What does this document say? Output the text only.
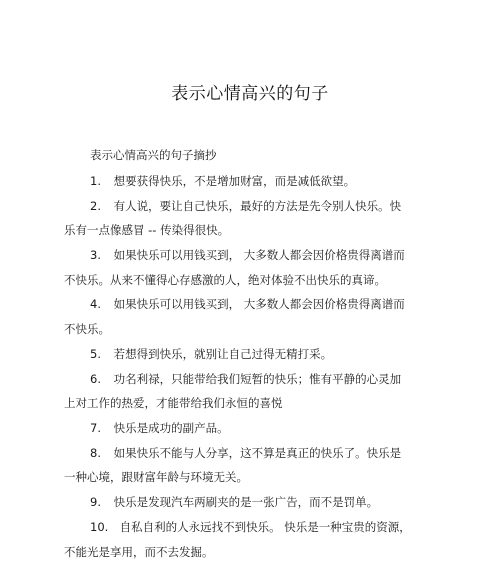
表示心情高兴的句子
表示心情高兴的句子摘抄
1. 想要获得快乐，不是增加财富，而是减低欲望。
2. 有人说，要让自己快乐，最好的方法是先令别人快乐。快
乐有一点像感冒 -- 传染得很快。
3. 如果快乐可以用钱买到， 大多数人都会因价格贵得离谱而
不快乐。从来不懂得心存感激的人，绝对体验不出快乐的真谛。
4. 如果快乐可以用钱买到， 大多数人都会因价格贵得离谱而
不快乐。
5. 若想得到快乐，就别让自己过得无精打采。
6. 功名利禄，只能带给我们短暂的快乐；惟有平静的心灵加
上对工作的热爱，才能带给我们永恒的喜悦
7. 快乐是成功的副产品。
8. 如果快乐不能与人分享，这不算是真正的快乐了。快乐是
一种心境，跟财富年龄与环境无关。
9. 快乐是发现汽车两刷夹的是一张广告，而不是罚单。
10. 自私自利的人永远找不到快乐。 快乐是一种宝贵的资源，
不能光是享用，而不去发掘。
